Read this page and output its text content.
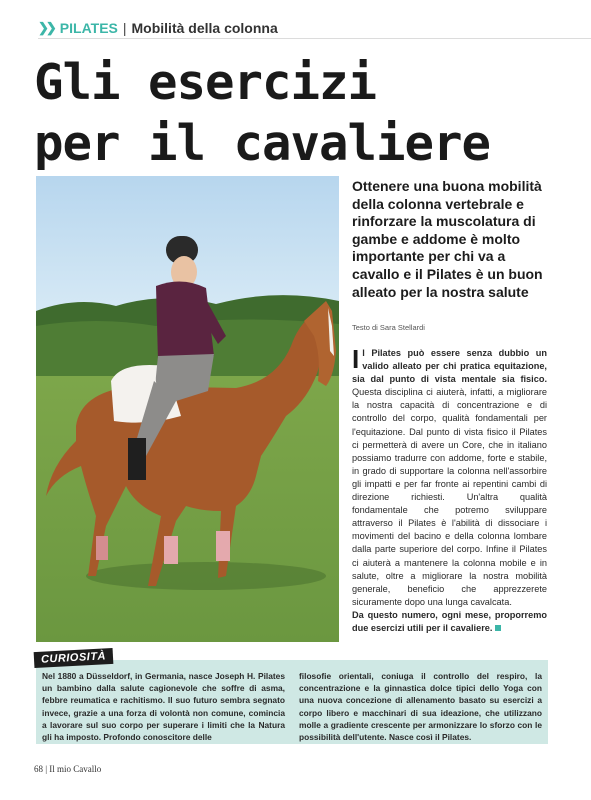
❯❯ PILATES | Mobilità della colonna
Gli esercizi
per il cavaliere
Ottenere una buona mobilità della colonna vertebrale e rinforzare la muscolatura di gambe e addome è molto importante per chi va a cavallo e il Pilates è un buon alleato per la nostra salute
Testo di Sara Stellardi
Il Pilates può essere senza dubbio un valido alleato per chi pratica equitazione, sia dal punto di vista mentale sia fisico. Questa disciplina ci aiuterà, infatti, a migliorare la nostra capacità di concentrazione e di controllo del corpo, qualità fondamentali per l'equitazione. Dal punto di vista fisico il Pilates ci permetterà di avere un Core, che in italiano possiamo tradurre con addome, forte e stabile, in grado di supportare la colonna nell'assorbire gli impatti e per far fronte ai repentini cambi di direzione richiesti. Un'altra qualità fondamentale che potremo sviluppare attraverso il Pilates è l'abilità di dissociare i movimenti del bacino e della colonna lombare dalla parte superiore del corpo. Infine il Pilates ci aiuterà a mantenere la colonna mobile e in salute, oltre a migliorare la nostra mobilità generale, beneficio che apprezzerete sicuramente dopo una lunga cavalcata.
Da questo numero, ogni mese, proporremo due esercizi utili per il cavaliere.
CURIOSITÀ
Nel 1880 a Düsseldorf, in Germania, nasce Joseph H. Pilates un bambino dalla salute cagionevole che soffre di asma, febbre reumatica e rachitismo. Il suo futuro sembra segnato invece, grazie a una forza di volontà non comune, comincia a lavorare sul suo corpo per superare i limiti che la Natura gli ha imposto. Profondo conoscitore delle
filosofie orientali, coniuga il controllo del respiro, la concentrazione e la ginnastica dolce tipici dello Yoga con una nuova concezione di allenamento basato su esercizi a corpo libero e macchinari di sua ideazione, che utilizzano molle a gradiente crescente per armonizzare lo sforzo con le possibilità dell'utente. Nasce così il Pilates.
68 | Il mio Cavallo
